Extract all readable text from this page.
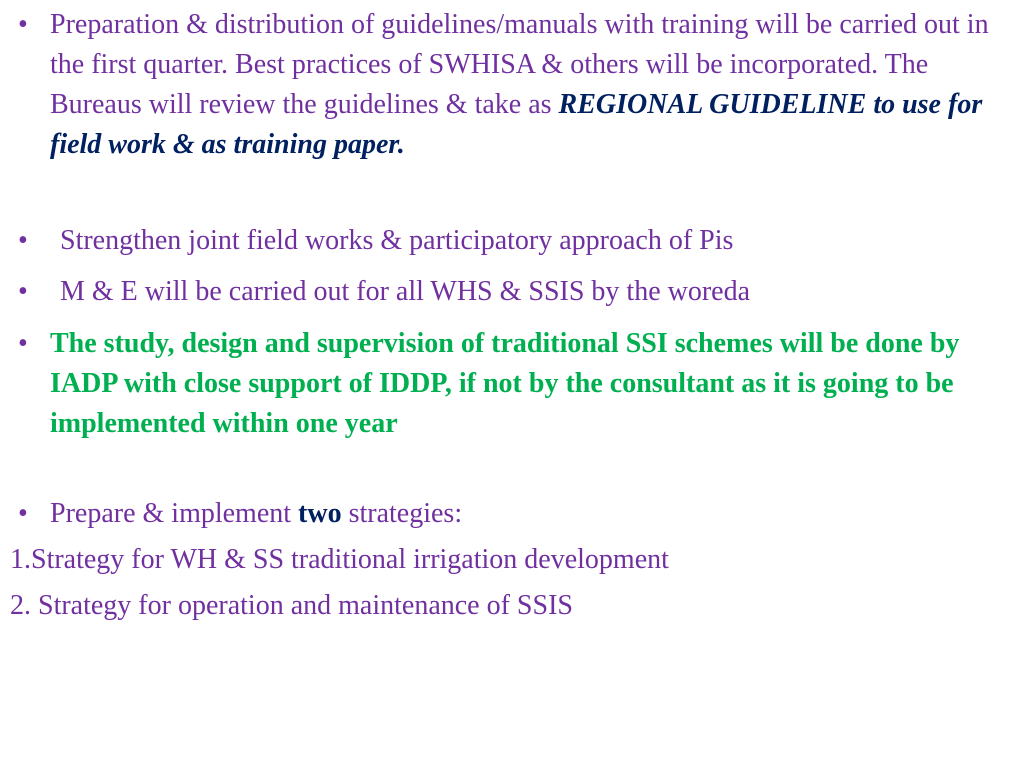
• Preparation & distribution of guidelines/manuals with training will be carried out in the first quarter. Best practices of SWHISA & others will be incorporated. The Bureaus will review the guidelines & take as REGIONAL GUIDELINE to use for field work & as training paper.
• Strengthen joint field works & participatory approach of Pis
• M & E will be carried out for all WHS & SSIS by the woreda
• The study, design and supervision of traditional SSI schemes will be done by IADP with close support of IDDP, if not by the consultant as it is going to be implemented within one year
• Prepare & implement two strategies:
1.Strategy for WH & SS traditional irrigation development
2. Strategy for operation and maintenance of SSIS
